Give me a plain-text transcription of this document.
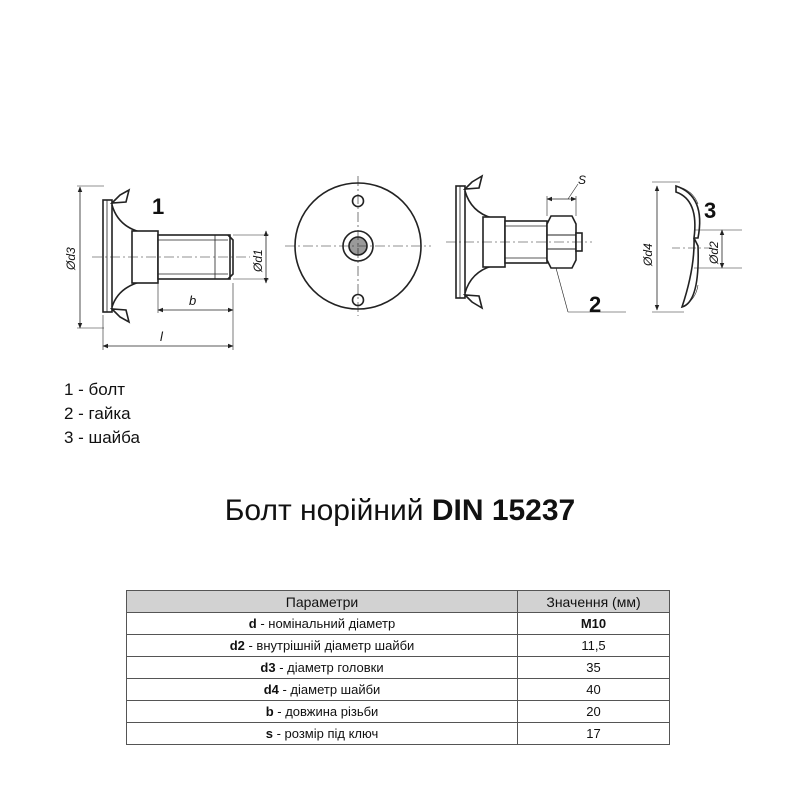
1
2
3
Ød3	Ød1
b
l
S
Ød4	Ød2
1 - болт
2 - гайка
3 - шайба
Болт норійний DIN 15237
Параметри	Значення (мм)
d - номінальний діаметр	M10
d2 - внутрішній діаметр шайби	11,5
d3 - діаметр головки	35
d4 - діаметр шайби	40
b - довжина різьби	20
s - розмір під ключ	17
